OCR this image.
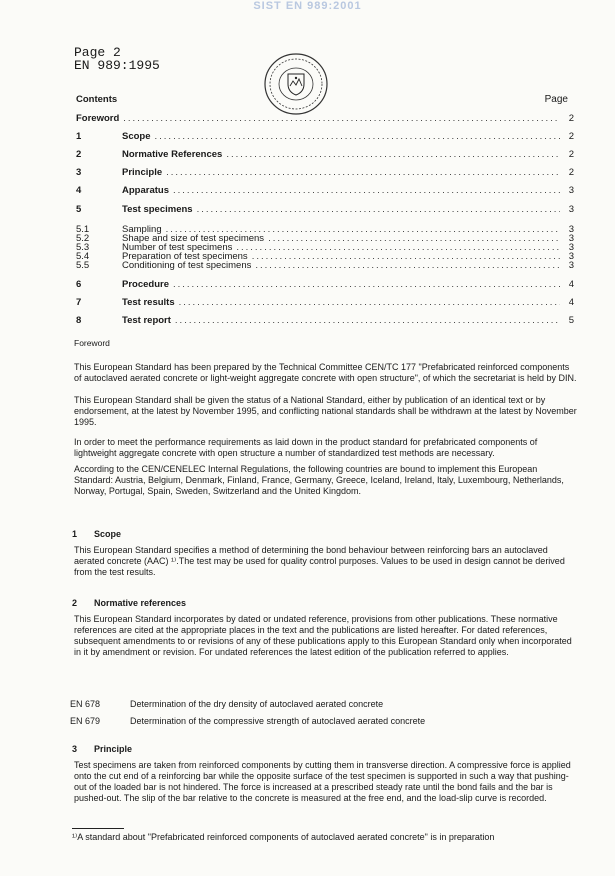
SIST EN 989:2001
Page 2
EN 989:1995
Contents	Page
Foreword .....	2
1	Scope .....	2
2	Normative References .....	2
3	Principle .....	2
4	Apparatus .....	3
5	Test specimens .....	3
5.1	Sampling .....	3
5.2	Shape and size of test specimens .....	3
5.3	Number of test specimens .....	3
5.4	Preparation of test specimens .....	3
5.5	Conditioning of test specimens .....	3
6	Procedure .....	4
7	Test results .....	4
8	Test report .....	5

Foreword

This European Standard has been prepared by the Technical Committee CEN/TC 177 "Prefabricated reinforced components of autoclaved aerated concrete or light-weight aggregate concrete with open structure", of which the secretariat is held by DIN.

This European Standard shall be given the status of a National Standard, either by publication of an identical text or by endorsement, at the latest by November 1995, and conflicting national standards shall be withdrawn at the latest by November 1995.

In order to meet the performance requirements as laid down in the product standard for prefabricated components of lightweight aggregate concrete with open structure a number of standardized test methods are necessary.

According to the CEN/CENELEC Internal Regulations, the following countries are bound to implement this European Standard: Austria, Belgium, Denmark, Finland, France, Germany, Greece, Iceland, Ireland, Italy, Luxembourg, Netherlands, Norway, Portugal, Spain, Sweden, Switzerland and the United Kingdom.

1 Scope
This European Standard specifies a method of determining the bond behaviour between reinforcing bars an autoclaved aerated concrete (AAC) ¹⁾.The test may be used for quality control purposes. Values to be used in design cannot be derived from the test results.
2 Normative references
This European Standard incorporates by dated or undated reference, provisions from other publications. These normative references are cited at the appropriate places in the text and the publications are listed hereafter. For dated references, subsequent amendments to or revisions of any of these publications apply to this European Standard only when incorporated in it by amendment or revision. For undated references the latest edition of the publication referred to applies.
EN 678	Determination of the dry density of autoclaved aerated concrete
EN 679	Determination of the compressive strength of autoclaved aerated concrete
3 Principle
Test specimens are taken from reinforced components by cutting them in transverse direction. A compressive force is applied onto the cut end of a reinforcing bar while the opposite surface of the test specimen is supported in such a way that pushing-out of the loaded bar is not hindered. The force is increased at a prescribed steady rate until the bond fails and the bar is pushed-out. The slip of the bar relative to the concrete is measured at the free end, and the load-slip curve is recorded.
¹⁾A standard about "Prefabricated reinforced components of autoclaved aerated concrete" is in preparation
